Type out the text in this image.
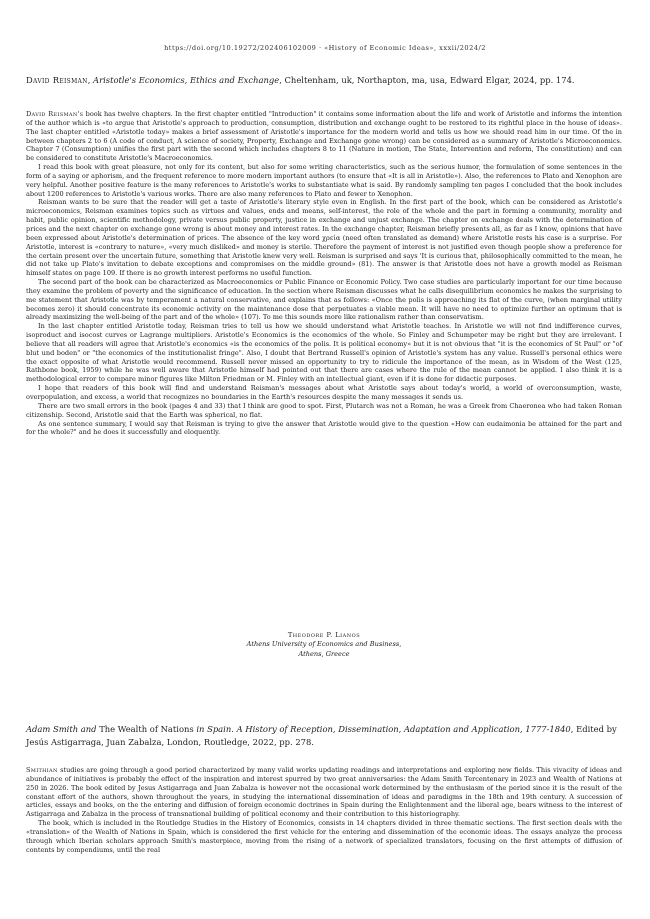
https://doi.org/10.19272/202406102009 · «History of Economic Ideas», xxxii/2024/2
David Reisman, Aristotle's Economics, Ethics and Exchange, Cheltenham, uk, Northapton, ma, usa, Edward Elgar, 2024, pp. 174.

David Reisman's book has twelve chapters. In the first chapter entitled "Introduction" it contains some information about the life and work of Aristotle and informs the intention of the author which is «to argue that Aristotle's approach to production, consumption, distribution and exchange ought to be restored to its rightful place in the house of ideas». The last chapter entitled «Aristotle today» makes a brief assessment of Aristotle's importance for the modern world and tells us how we should read him in our time. Of the in between chapters 2 to 6 (A code of conduct, A science of society, Property, Exchange and Exchange gone wrong) can be considered as a summary of Aristotle's Microeconomics. Chapter 7 (Consumption) unifies the first part with the second which includes chapters 8 to 11 (Nature in motion, The State, Intervention and reform, The constitution) and can be considered to constitute Aristotle's Macroeconomics.

I read this book with great pleasure, not only for its content, but also for some writing characteristics, such as the serious humor, the formulation of some sentences in the form of a saying or aphorism, and the frequent reference to more modern important authors (to ensure that «It is all in Aristotle»). Also, the references to Plato and Xenophon are very helpful. Another positive feature is the many references to Aristotle's works to substantiate what is said. By randomly sampling ten pages I concluded that the book includes about 1200 references to Aristotle's various works. There are also many references to Plato and fewer to Xenophon.

Reisman wants to be sure that the reader will get a taste of Aristotle's literary style even in English. In the first part of the book, which can be considered as Aristotle's microeconomics, Reisman examines topics such as virtues and values, ends and means, self-interest, the role of the whole and the part in forming a community, morality and habit, public opinion, scientific methodology, private versus public property, justice in exchange and unjust exchange. The chapter on exchange deals with the determination of prices and the next chapter on exchange gone wrong is about money and interest rates. In the exchange chapter, Reisman briefly presents all, as far as I know, opinions that have been expressed about Aristotle's determination of prices. The absence of the key word χρεία (need often translated as demand) where Aristotle rests his case is a surprise. For Aristotle, interest is «contrary to nature», «very much disliked» and money is sterile. Therefore the payment of interest is not justified even though people show a preference for the certain present over the uncertain future, something that Aristotle knew very well. Reisman is surprised and says 'It is curious that, philosophically committed to the mean, he did not take up Plato's invitation to debate exceptions and compromises on the middle ground» (81). The answer is that Aristotle does not have a growth model as Reisman himself states on page 109. If there is no growth interest performs no useful function.

The second part of the book can be characterized as Macroeconomics or Public Finance or Economic Policy. Two case studies are particularly important for our time because they examine the problem of poverty and the significance of education. In the section where Reisman discusses what he calls disequilibrium economics he makes the surprising to me statement that Aristotle was by temperament a natural conservative, and explains that as follows: «Once the polis is approaching its flat of the curve, (when marginal utility becomes zero) it should concentrate its economic activity on the maintenance dose that perpetuates a viable mean. It will have no need to optimize further an optimum that is already maximizing the well-being of the part and of the whole» (107). To me this sounds more like rationalism rather than conservatism.

In the last chapter entitled Aristotle today, Reisman tries to tell us how we should understand what Aristotle teaches. In Aristotle we will not find indifference curves, isoproduct and isocost curves or Lagrange multipliers. Aristotle's Economics is the economics of the whole. So Finley and Schumpeter may be right but they are irrelevant. I believe that all readers will agree that Aristotle's economics «is the economics of the polis. It is political economy» but it is not obvious that "it is the economics of St Paul" or "of blut und boden" or "the economics of the institutionalist fringe". Also, I doubt that Bertrand Russell's opinion of Aristotle's system has any value. Russell's personal ethics were the exact opposite of what Aristotle would recommend. Russell never missed an opportunity to try to ridicule the importance of the mean, as in Wisdom of the West (125, Rathbone book, 1959) while he was well aware that Aristotle himself had pointed out that there are cases where the rule of the mean cannot be applied. I also think it is a methodological error to compare minor figures like Milton Friedman or M. Finley with an intellectual giant, even if it is done for didactic purposes.

I hope that readers of this book will find and understand Reisman's messages about what Aristotle says about today's world, a world of overconsumption, waste, overpopulation, and excess, a world that recognizes no boundaries in the Earth's resources despite the many messages it sends us.

There are two small errors in the book (pages 4 and 33) that I think are good to spot. First, Plutarch was not a Roman, he was a Greek from Chaeronea who had taken Roman citizenship. Second, Aristotle said that the Earth was spherical, no flat.

As one sentence summary, I would say that Reisman is trying to give the answer that Aristotle would give to the question «How can eudaimonia be attained for the part and for the whole?" and he does it successfully and eloquently.

Theodore P. Lianos
Athens University of Economics and Business,
Athens, Greece
Adam Smith and The Wealth of Nations in Spain. A History of Reception, Dissemination, Adaptation and Application, 1777-1840, Edited by Jesús Astigarraga, Juan Zabalza, London, Routledge, 2022, pp. 278.

Smithian studies are going through a good period characterized by many valid works updating readings and interpretations and exploring new fields. This vivacity of ideas and abundance of initiatives is probably the effect of the inspiration and interest spurred by two great anniversaries: the Adam Smith Tercentenary in 2023 and Wealth of Nations at 250 in 2026. The book edited by Jesus Astigarraga and Juan Zabalza is however not the occasional work determined by the enthusiasm of the period since it is the result of the constant effort of the authors, shown throughout the years, in studying the international dissemination of ideas and paradigms in the 18th and 19th century. A succession of articles, essays and books, on the the entering and diffusion of foreign economic doctrines in Spain during the Enlightenment and the liberal age, bears witness to the interest of Astigarraga and Zabalza in the process of transnational building of political economy and their contribution to this historiography.

The book, which is included in the Routledge Studies in the History of Economics, consists in 14 chapters divided in three thematic sections. The first section deals with the «translation» of the Wealth of Nations in Spain, which is considered the first vehicle for the entering and dissemination of the economic ideas. The essays analyze the process through which Iberian scholars approach Smith's masterpiece, moving from the rising of a network of specialized translators, focusing on the first attempts of diffusion of contents by compendiums, until the real
